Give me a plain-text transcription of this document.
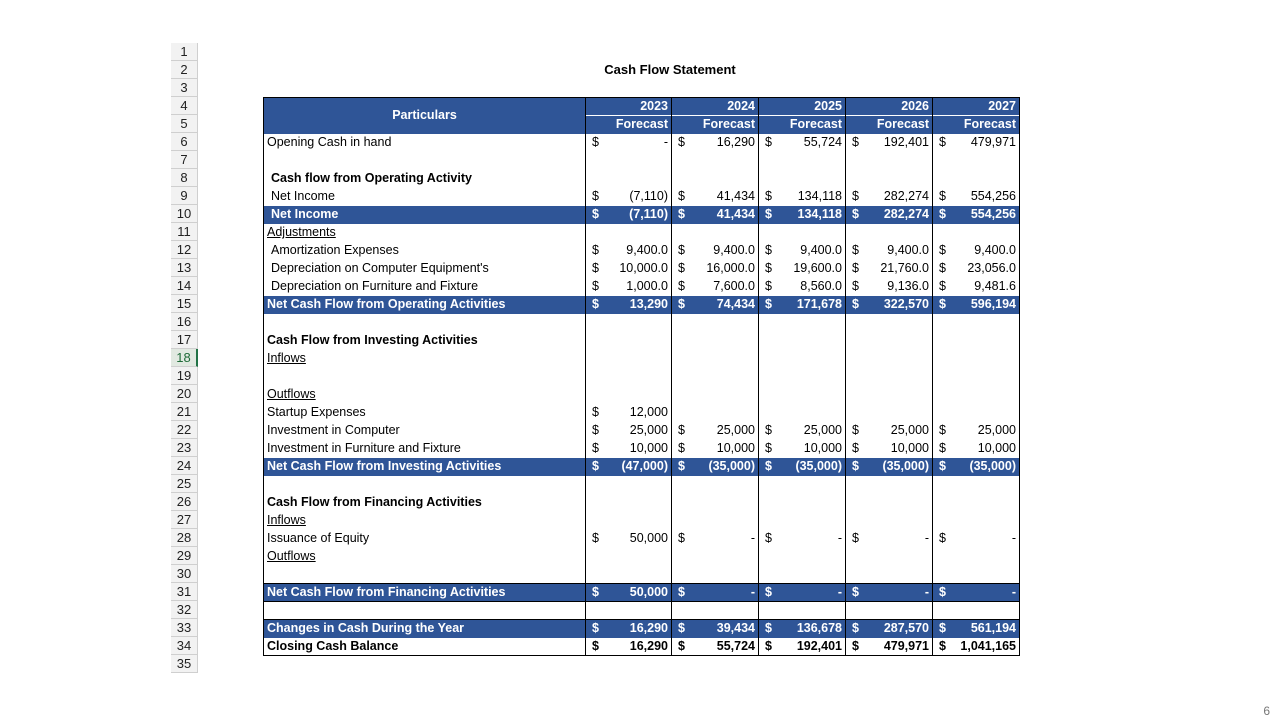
1
2
3
4
5
6
7
8
9
10
11
12
13
14
15
16
17
18
19
20
21
22
23
24
25
26
27
28
29
30
31
32
33
34
35
Cash Flow Statement
Particulars	2023		2024		2025		2026		2027	
	Forecast		Forecast		Forecast		Forecast		Forecast	
Opening Cash in hand	$	-	$	16,290	$	55,724	$	192,401	$	479,971

Cash flow from Operating Activity										
Net Income	$	(7,110)	$	41,434	$	134,118	$	282,274	$	554,256
Net Income	$	(7,110)	$	41,434	$	134,118	$	282,274	$	554,256
Adjustments										
Amortization Expenses	$	9,400.0	$	9,400.0	$	9,400.0	$	9,400.0	$	9,400.0
Depreciation on Computer Equipment's	$	10,000.0	$	16,000.0	$	19,600.0	$	21,760.0	$	23,056.0
Depreciation on Furniture and Fixture	$	1,000.0	$	7,600.0	$	8,560.0	$	9,136.0	$	9,481.6
Net Cash Flow from Operating Activities	$	13,290	$	74,434	$	171,678	$	322,570	$	596,194

Cash Flow from Investing Activities										
Inflows										

Outflows										
Startup Expenses	$	12,000								
Investment in Computer	$	25,000	$	25,000	$	25,000	$	25,000	$	25,000
Investment in Furniture and Fixture	$	10,000	$	10,000	$	10,000	$	10,000	$	10,000
Net Cash Flow from Investing Activities	$	(47,000)	$	(35,000)	$	(35,000)	$	(35,000)	$	(35,000)

Cash Flow from Financing Activities										
Inflows										
Issuance of Equity	$	50,000	$	-	$	-	$	-	$	-
Outflows										

Net Cash Flow from Financing Activities	$	50,000	$	-	$	-	$	-	$	-

Changes in Cash During the Year	$	16,290	$	39,434	$	136,678	$	287,570	$	561,194
Closing Cash Balance	$	16,290	$	55,724	$	192,401	$	479,971	$	1,041,165
6
